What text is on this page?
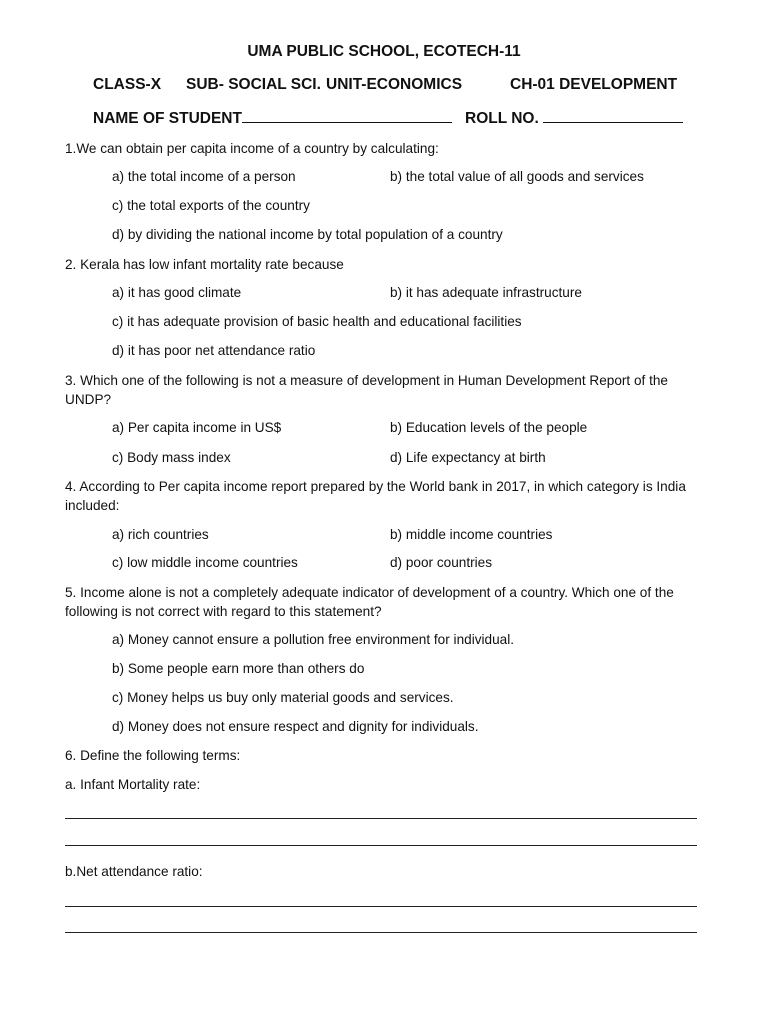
UMA PUBLIC SCHOOL, ECOTECH-11
CLASS-X SUB- SOCIAL SCI. UNIT-ECONOMICS	CH-01 DEVELOPMENT
NAME OF STUDENT	ROLL NO.
1.We can obtain per capita income of a country by calculating:
a) the total income of a person	b) the total value of all goods and services
c) the total exports of the country
d) by dividing the national income by total population of a country
2. Kerala has low infant mortality rate because
a) it has good climate	b) it has adequate infrastructure
c) it has adequate provision of basic health and educational facilities
d) it has poor net attendance ratio
3. Which one of the following is not a measure of development in Human Development Report of the UNDP?
a) Per capita income in US$	b) Education levels of the people
c) Body mass index	d) Life expectancy at birth
4. According to Per capita income report prepared by the World bank in 2017, in which category is India included:
a) rich countries	b) middle income countries
c) low middle income countries	d) poor countries
5. Income alone is not a completely adequate indicator of development of a country. Which one of the following is not correct with regard to this statement?
a) Money cannot ensure a pollution free environment for individual.
b) Some people earn more than others do
c) Money helps us buy only material goods and services.
d) Money does not ensure respect and dignity for individuals.
6. Define the following terms:
a. Infant Mortality rate:
b.Net attendance ratio:
